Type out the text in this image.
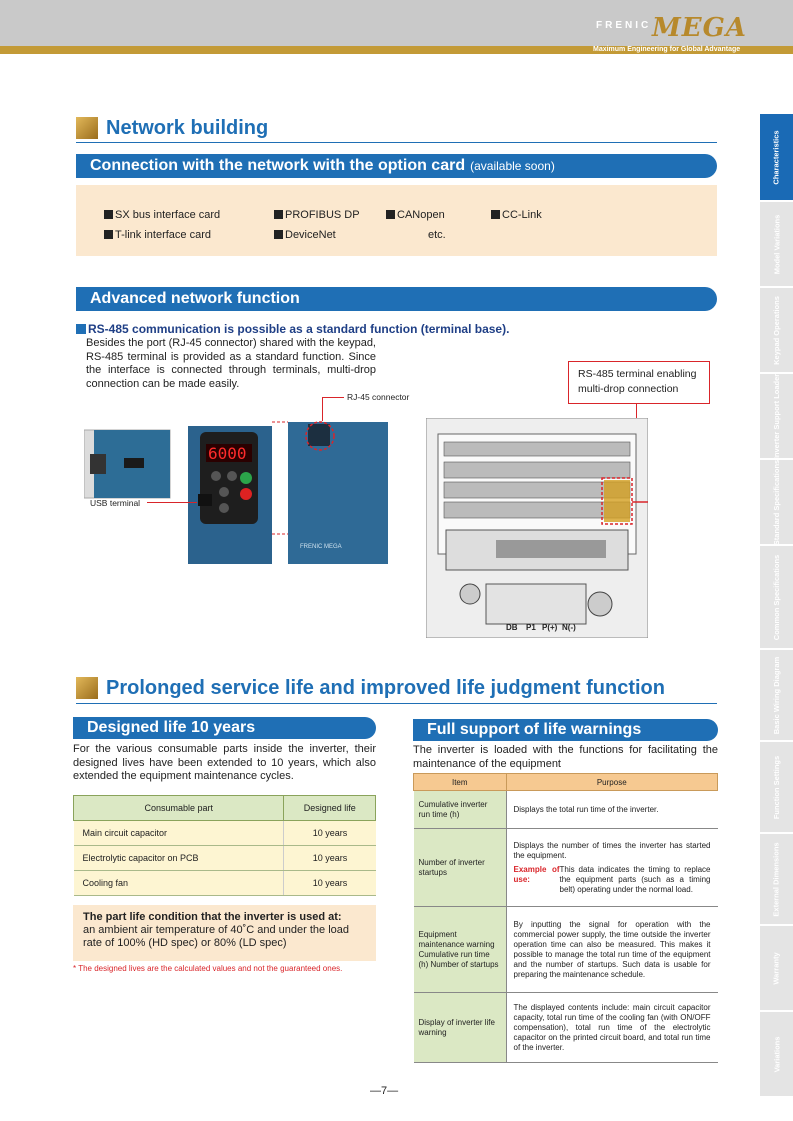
FRENIC MEGA
Maximum Engineering for Global Advantage
Characteristics
Model Variations
Keypad Operations
Inverter Support Loader
Standard Specifications
Common Specifications
Basic Wiring Diagram
Function Settings
External Dimensions
Warranty
Variations
Network building
Connection with the network with the option card (available soon)
SX bus interface card	PROFIBUS DP	CANopen	CC-Link
T-link interface card	DeviceNet	etc.
Advanced network function
RS-485 communication is possible as a standard function (terminal base).
Besides the port (RJ-45 connector) shared with the keypad, RS-485 terminal is provided as a standard function. Since the interface is connected through terminals, multi-drop connection can be made easily.
RJ-45 connector
RS-485 terminal enabling multi-drop connection
6000
FRENIC MEGA
USB terminal
DB P1 P(+) N(-)
Prolonged service life and improved life judgment function
Designed life 10 years
For the various consumable parts inside the inverter, their designed lives have been extended to 10 years, which also extended the equipment maintenance cycles.
Consumable part	Designed life
Main circuit capacitor	10 years
Electrolytic capacitor on PCB	10 years
Cooling fan	10 years
The part life condition that the inverter is used at:
an ambient air temperature of 40˚C and under the load rate of 100% (HD spec) or 80% (LD spec)
* The designed lives are the calculated values and not the guaranteed ones.
Full support of life warnings
The inverter is loaded with the functions for facilitating the maintenance of the equipment
Item	Purpose
Cumulative inverter run time (h)	Displays the total run time of the inverter.
Number of inverter startups	Displays the number of times the inverter has started the equipment.
Example of use:
This data indicates the timing to replace the equipment parts (such as a timing belt) operating under the normal load.

Equipment maintenance warning Cumulative run time (h) Number of startups	By inputting the signal for operation with the commercial power supply, the time outside the inverter operation time can also be measured. This makes it possible to manage the total run time of the equipment and the number of startups. Such data is usable for preparing the maintenance schedule.
Display of inverter life warning	The displayed contents include: main circuit capacitor capacity, total run time of the cooling fan (with ON/OFF compensation), total run time of the electrolytic capacitor on the printed circuit board, and total run time of the inverter.
—7—
